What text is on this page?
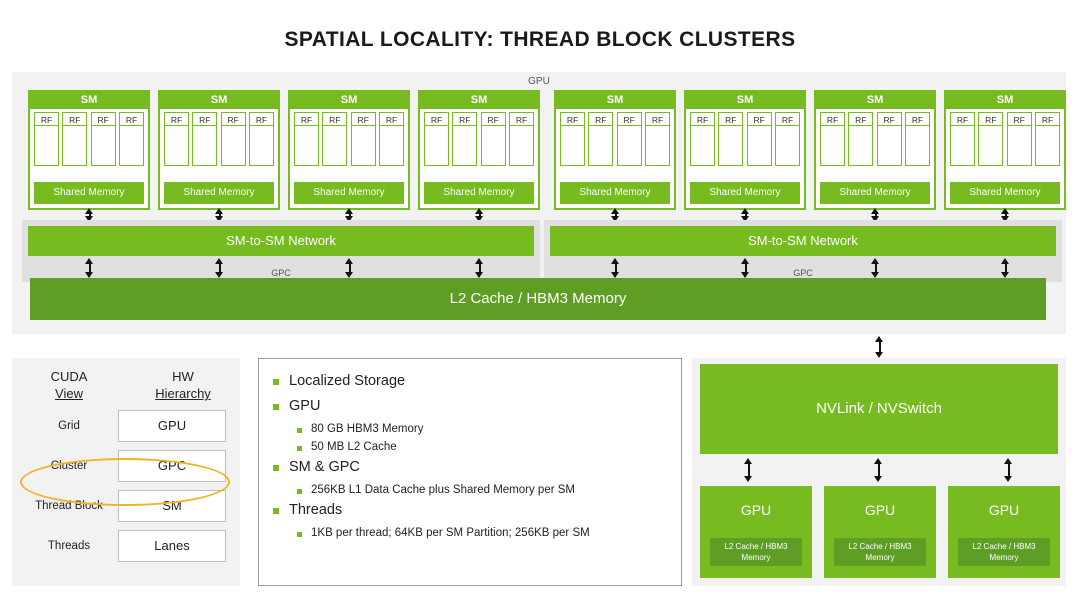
SPATIAL LOCALITY: THREAD BLOCK CLUSTERS
GPU
SM
RF	RF	RF	RF
Shared Memory
SM
RF	RF	RF	RF
Shared Memory
SM
RF	RF	RF	RF
Shared Memory
SM
RF	RF	RF	RF
Shared Memory
SM
RF	RF	RF	RF
Shared Memory
SM
RF	RF	RF	RF
Shared Memory
SM
RF	RF	RF	RF
Shared Memory
SM
RF	RF	RF	RF
Shared Memory
SM-to-SM Network
GPC
SM-to-SM Network
GPC
L2 Cache / HBM3 Memory
CUDA
View
HW
Hierarchy
Grid	GPU
Cluster	GPC
Thread Block	SM
Threads	Lanes

Localized Storage

GPU

80 GB HBM3 Memory

50 MB L2 Cache

SM & GPC

256KB L1 Data Cache plus Shared Memory per SM

Threads

1KB per thread; 64KB per SM Partition; 256KB per SM

NVLink / NVSwitch
GPU
L2 Cache / HBM3
Memory
GPU
L2 Cache / HBM3
Memory
GPU
L2 Cache / HBM3
Memory
